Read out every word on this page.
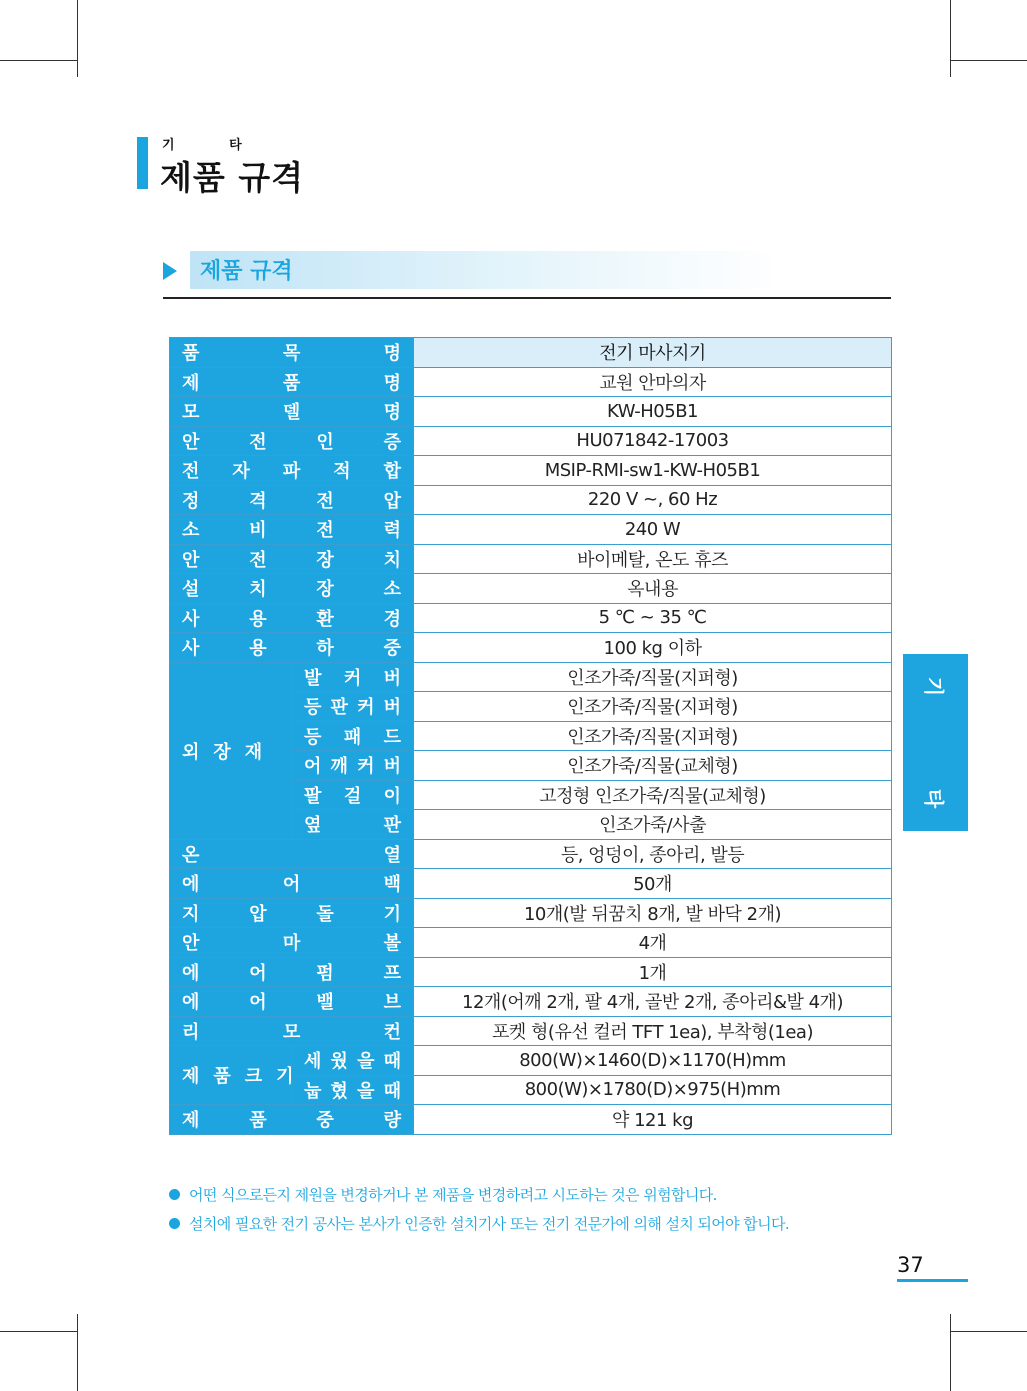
기 타
제품 규격
제품 규격
품 목 명		전기 마사지기

제 품 명		교원 안마의자

모 델 명		KW-H05B1

안 전 인 증		HU071842-17003

전 자 파 적 합		MSIP-RMI-sw1-KW-H05B1

정 격 전 압		220 V ~, 60 Hz

소 비 전 력		240 W

안 전 장 치		바이메탈, 온도 휴즈

설 치 장 소		옥내용

사 용 환 경		5 ℃ ~ 35 ℃

사 용 하 중		100 kg 이하
외장재	발 커 버	인조가죽/직물(지퍼형)

	등 판 커 버	인조가죽/직물(지퍼형)

	등 패 드	인조가죽/직물(지퍼형)

	어 깨 커 버	인조가죽/직물(교체형)

	팔 걸 이	고정형 인조가죽/직물(교체형)

	옆 판	인조가죽/사출

온 열		등, 엉덩이, 종아리, 발등

에 어 백		50개

지 압 돌 기		10개(발 뒤꿈치 8개, 발 바닥 2개)

안 마 볼		4개

에 어 펌 프		1개

에 어 밸 브		12개(어깨 2개, 팔 4개, 골반 2개, 종아리&발 4개)

리 모 컨		포켓 형(유선 컬러 TFT 1ea), 부착형(1ea)
제품크기	세 웠 을 때	800(W)×1460(D)×1170(H)mm

	눕 혔 을 때	800(W)×1780(D)×975(H)mm

제 품 중 량		약 121 kg
어떤 식으로든지 제원을 변경하거나 본 제품을 변경하려고 시도하는 것은 위험합니다.
설치에 필요한 전기 공사는 본사가 인증한 설치기사 또는 전기 전문가에 의해 설치 되어야 합니다.
기
타
37
